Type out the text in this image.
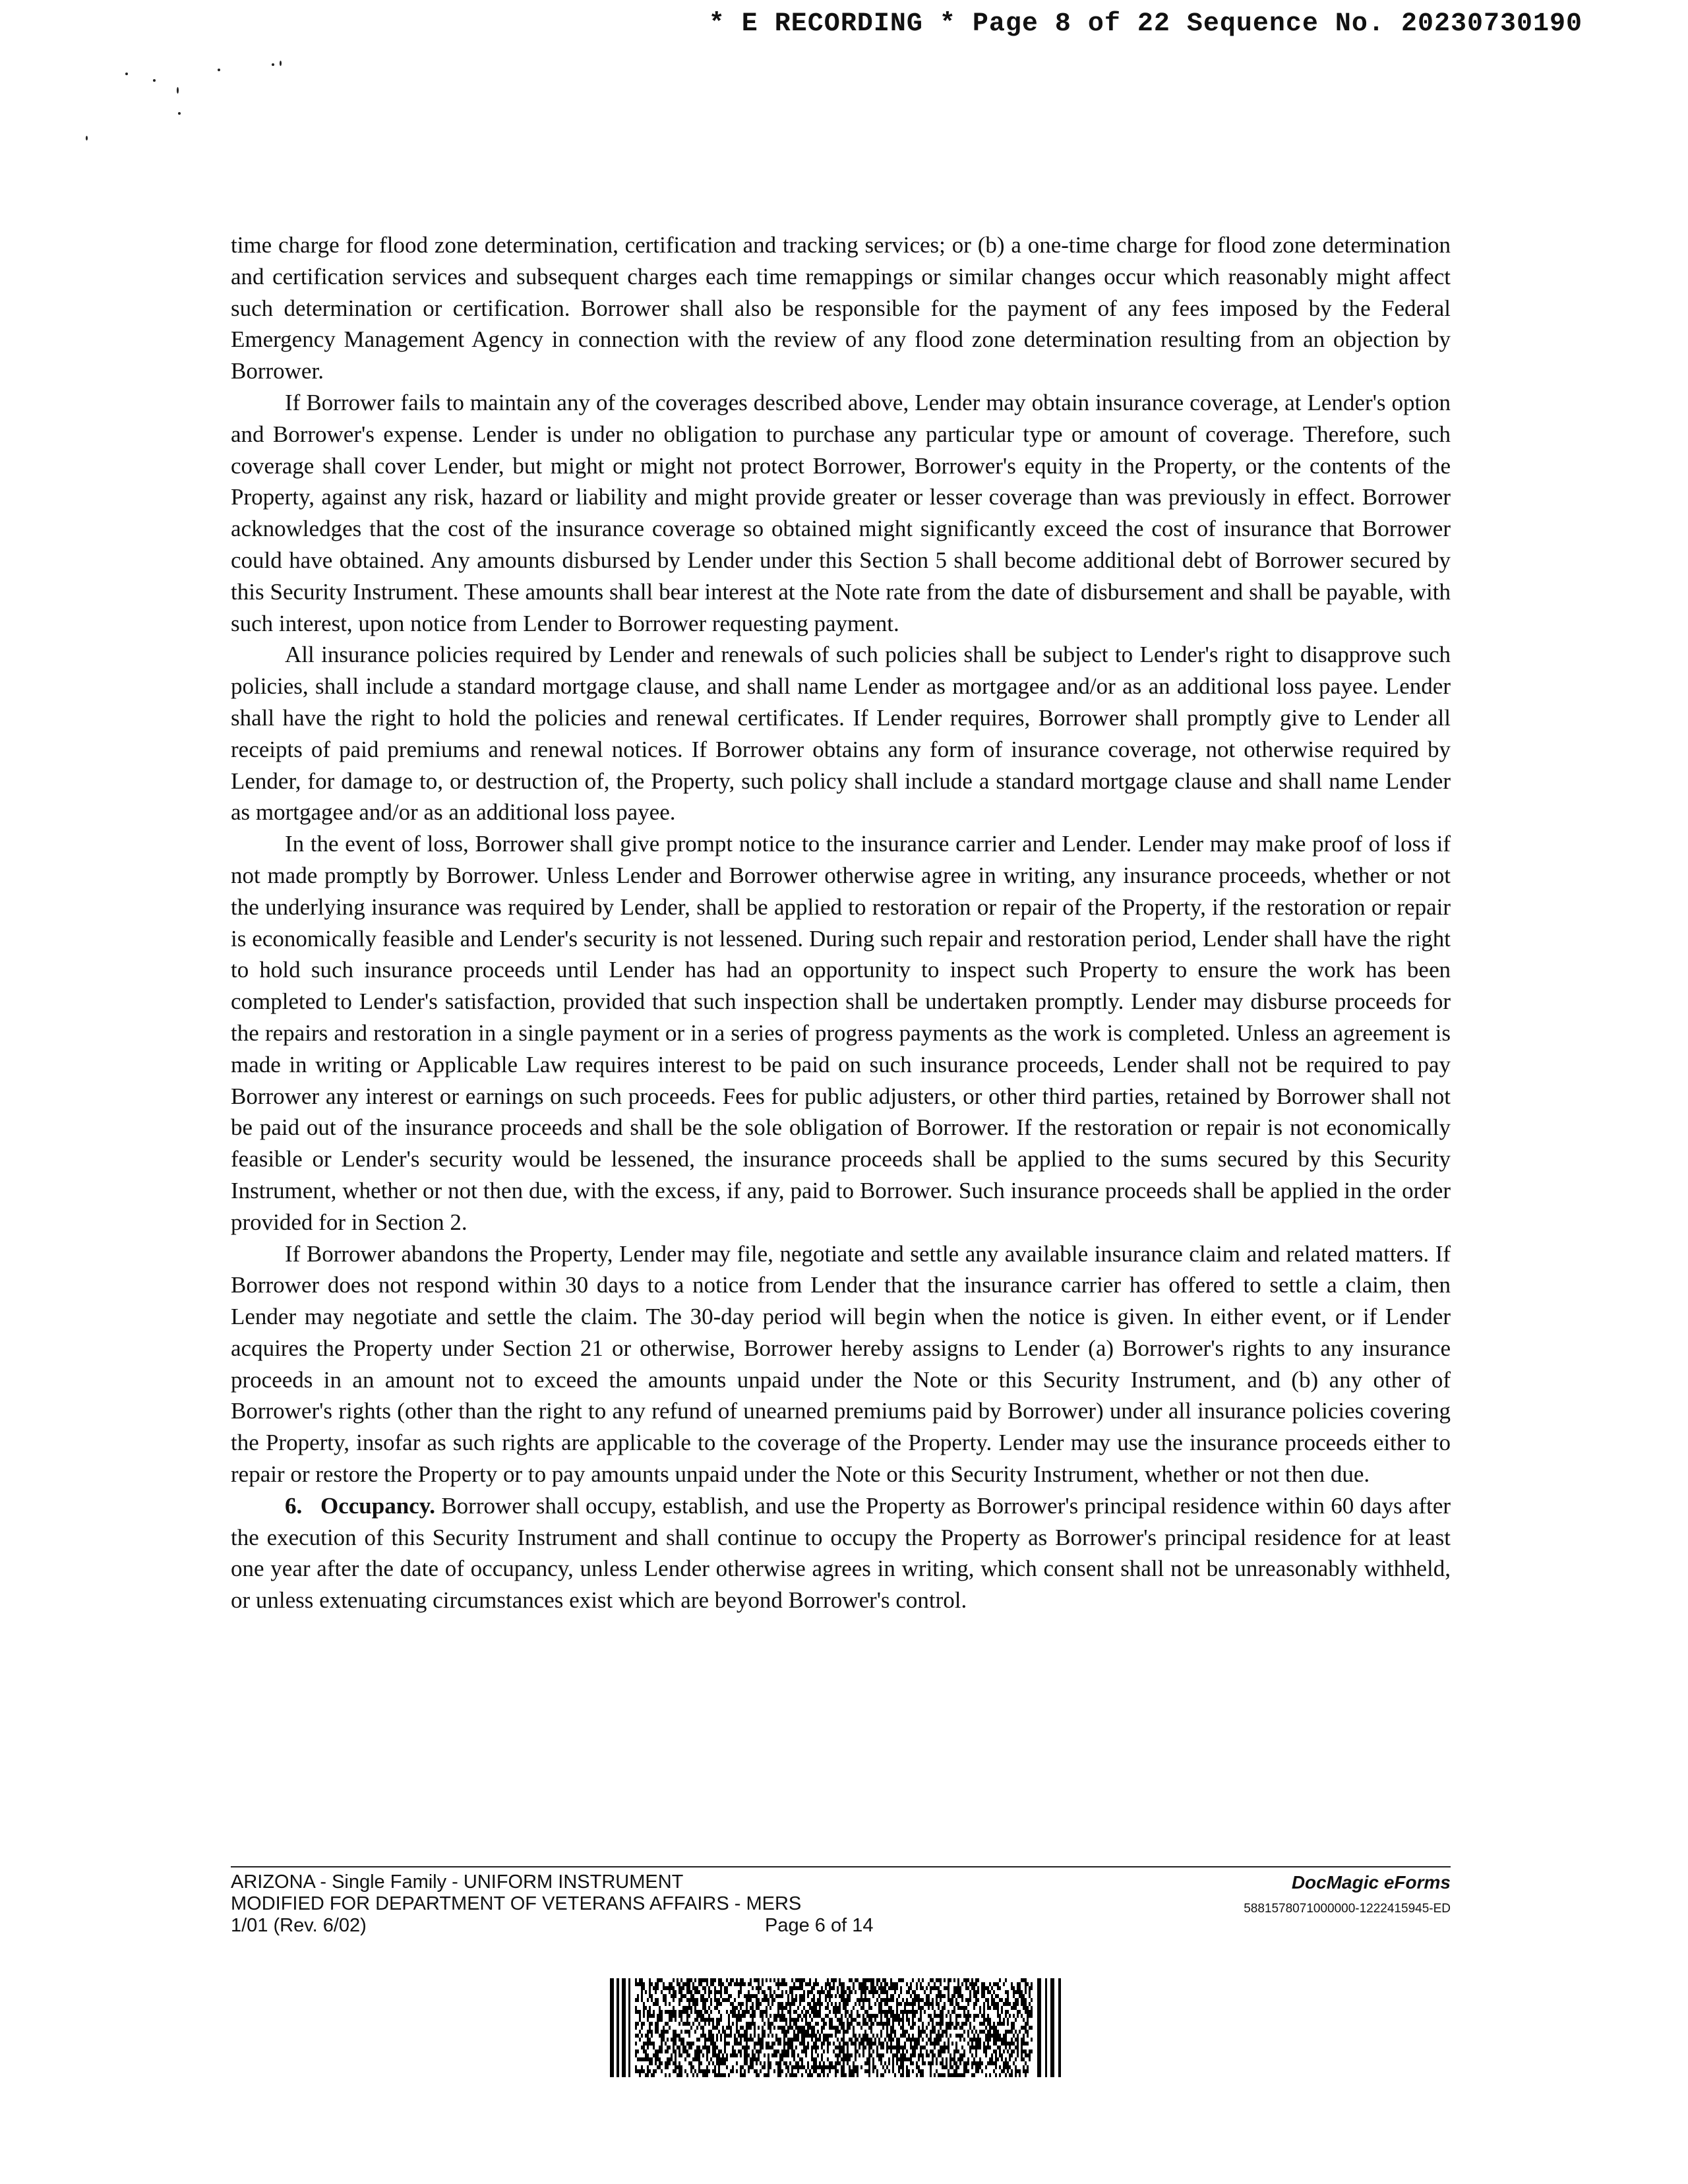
* E RECORDING * Page 8 of 22 Sequence No. 20230730190

time charge for flood zone determination, certification and tracking services; or (b) a one-time charge for flood zone determination and certification services and subsequent charges each time remappings or similar changes occur which reasonably might affect such determination or certification. Borrower shall also be responsible for the payment of any fees imposed by the Federal Emergency Management Agency in connection with the review of any flood zone determination resulting from an objection by Borrower.

If Borrower fails to maintain any of the coverages described above, Lender may obtain insurance coverage, at Lender's option and Borrower's expense. Lender is under no obligation to purchase any particular type or amount of coverage. Therefore, such coverage shall cover Lender, but might or might not protect Borrower, Borrower's equity in the Property, or the contents of the Property, against any risk, hazard or liability and might provide greater or lesser coverage than was previously in effect. Borrower acknowledges that the cost of the insurance coverage so obtained might significantly exceed the cost of insurance that Borrower could have obtained. Any amounts disbursed by Lender under this Section 5 shall become additional debt of Borrower secured by this Security Instrument. These amounts shall bear interest at the Note rate from the date of disbursement and shall be payable, with such interest, upon notice from Lender to Borrower requesting payment.

All insurance policies required by Lender and renewals of such policies shall be subject to Lender's right to disapprove such policies, shall include a standard mortgage clause, and shall name Lender as mortgagee and/or as an additional loss payee. Lender shall have the right to hold the policies and renewal certificates. If Lender requires, Borrower shall promptly give to Lender all receipts of paid premiums and renewal notices. If Borrower obtains any form of insurance coverage, not otherwise required by Lender, for damage to, or destruction of, the Property, such policy shall include a standard mortgage clause and shall name Lender as mortgagee and/or as an additional loss payee.

In the event of loss, Borrower shall give prompt notice to the insurance carrier and Lender. Lender may make proof of loss if not made promptly by Borrower. Unless Lender and Borrower otherwise agree in writing, any insurance proceeds, whether or not the underlying insurance was required by Lender, shall be applied to restoration or repair of the Property, if the restoration or repair is economically feasible and Lender's security is not lessened. During such repair and restoration period, Lender shall have the right to hold such insurance proceeds until Lender has had an opportunity to inspect such Property to ensure the work has been completed to Lender's satisfaction, provided that such inspection shall be undertaken promptly. Lender may disburse proceeds for the repairs and restoration in a single payment or in a series of progress payments as the work is completed. Unless an agreement is made in writing or Applicable Law requires interest to be paid on such insurance proceeds, Lender shall not be required to pay Borrower any interest or earnings on such proceeds. Fees for public adjusters, or other third parties, retained by Borrower shall not be paid out of the insurance proceeds and shall be the sole obligation of Borrower. If the restoration or repair is not economically feasible or Lender's security would be lessened, the insurance proceeds shall be applied to the sums secured by this Security Instrument, whether or not then due, with the excess, if any, paid to Borrower. Such insurance proceeds shall be applied in the order provided for in Section 2.

If Borrower abandons the Property, Lender may file, negotiate and settle any available insurance claim and related matters. If Borrower does not respond within 30 days to a notice from Lender that the insurance carrier has offered to settle a claim, then Lender may negotiate and settle the claim. The 30-day period will begin when the notice is given. In either event, or if Lender acquires the Property under Section 21 or otherwise, Borrower hereby assigns to Lender (a) Borrower's rights to any insurance proceeds in an amount not to exceed the amounts unpaid under the Note or this Security Instrument, and (b) any other of Borrower's rights (other than the right to any refund of unearned premiums paid by Borrower) under all insurance policies covering the Property, insofar as such rights are applicable to the coverage of the Property. Lender may use the insurance proceeds either to repair or restore the Property or to pay amounts unpaid under the Note or this Security Instrument, whether or not then due.

6. Occupancy. Borrower shall occupy, establish, and use the Property as Borrower's principal residence within 60 days after the execution of this Security Instrument and shall continue to occupy the Property as Borrower's principal residence for at least one year after the date of occupancy, unless Lender otherwise agrees in writing, which consent shall not be unreasonably withheld, or unless extenuating circumstances exist which are beyond Borrower's control.

ARIZONA - Single Family - UNIFORM INSTRUMENT
MODIFIED FOR DEPARTMENT OF VETERANS AFFAIRS - MERS
1/01 (Rev. 6/02)	Page 6 of 14
DocMagic eForms
5881578071000000-1222415945-ED
